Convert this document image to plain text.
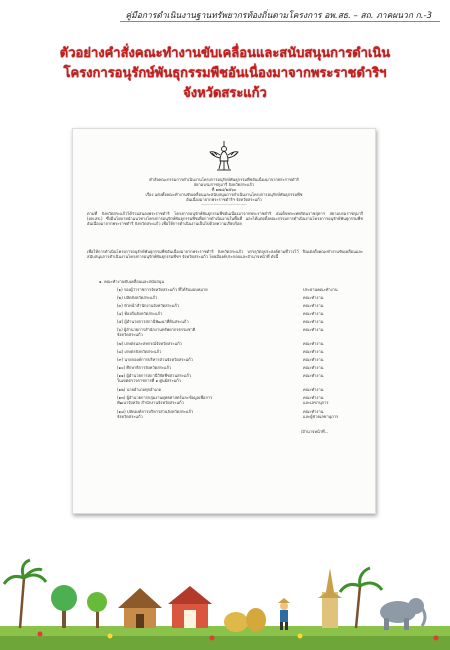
คู่มือการดำเนินงานฐานทรัพยากรท้องถิ่นตามโครงการ อพ.สธ. – สถ. ภาคผนวก ก.-3
ตัวอย่างคำสั่งคณะทำงานขับเคลื่อนและสนับสนุนการดำเนิน
โครงการอนุรักษ์พันธุกรรมพืชอันเนื่องมาจากพระราชดำริฯ
จังหวัดสระแก้ว
คำสั่งคณะกรรมการดำเนินงานโครงการอนุรักษ์พันธุกรรมพืชอันเนื่องมาจากพระราชดำริ
สยามบรมราชกุมารี จังหวัดสระแก้ว
ที่ ๑๗๘/๒๕๖๐
เรื่อง แต่งตั้งคณะทำงานขับเคลื่อนและสนับสนุนการดำเนินงานโครงการอนุรักษ์พันธุกรรมพืช
อันเนื่องมาจากพระราชดำริฯ จังหวัดสระแก้ว
-------------------------------------------
ตามที่ จังหวัดสระแก้วได้ร่วมสนองพระราชดำริ โครงการอนุรักษ์พันธุกรรมพืชอันเนื่องมาจากพระราชดำริ สมเด็จพระเทพรัตนราชสุดาฯ สยามบรมราชกุมารี (อพ.สธ.) ซึ่งมีนโยบายนำแนวทางโครงการอนุรักษ์พันธุกรรมพืชเพื่อการดำเนินงานในพื้นที่ และได้แต่งตั้งคณะกรรมการดำเนินงานโครงการอนุรักษ์พันธุกรรมพืชอันเนื่องมาจากพระราชดำริ จังหวัดสระแก้ว เพื่อให้การดำเนินงานเป็นไปด้วยความเรียบร้อย
เพื่อให้การดำเนินโครงการอนุรักษ์พันธุกรรมพืชอันเนื่องมาจากพระราชดำริ จังหวัดสระแก้ว บรรลุวัตถุประสงค์ตามที่วางไว้ จึงแต่งตั้งคณะทำงานขับเคลื่อนและสนับสนุนการดำเนินงานโครงการอนุรักษ์พันธุกรรมพืชฯ จังหวัดสระแก้ว โดยมีองค์ประกอบและอำนาจหน้าที่ ดังนี้
๑. คณะทำงานขับเคลื่อนและสนับสนุน
(๑) รองผู้ว่าราชการจังหวัดสระแก้ว ที่ได้รับมอบหมาย	ประธานคณะทำงาน
(๒) ปลัดจังหวัดสระแก้ว	คณะทำงาน
(๓) หัวหน้าสำนักงานจังหวัดสระแก้ว	คณะทำงาน
(๔) ท้องถิ่นจังหวัดสระแก้ว	คณะทำงาน
(๕) ผู้อำนวยการสถานีพัฒนาที่ดินสระแก้ว	คณะทำงาน
(๖) ผู้อำนวยการสำนักงานทรัพยากรธรรมชาติ	คณะทำงาน
จังหวัดสระแก้ว
(๗) เกษตรและสหกรณ์จังหวัดสระแก้ว	คณะทำงาน
(๘) เกษตรจังหวัดสระแก้ว	คณะทำงาน
(๙) นายกองค์การบริหารส่วนจังหวัดสระแก้ว	คณะทำงาน
(๑๐) ศึกษาธิการจังหวัดสระแก้ว	คณะทำงาน
(๑๑) ผู้อำนวยการสถานีวิจัยพืชสวนสระแก้ว	คณะทำงาน
ในเขตตรวจราชการที่ ๑ ศูนย์สระแก้ว
(๑๒) นายอำเภอทุกอำเภอ	คณะทำงาน
(๑๓) ผู้อำนวยการกลุ่มงานยุทธศาสตร์และข้อมูลเพื่อการ	คณะทำงาน
พัฒนาจังหวัด สำนักงานจังหวัดสระแก้ว	และเลขานุการ
(๑๔) ปลัดองค์การบริหารส่วนจังหวัดสระแก้ว	คณะทำงาน
จังหวัดสระแก้ว	และผู้ช่วยเลขานุการ
/อำนาจหน้าที่...
